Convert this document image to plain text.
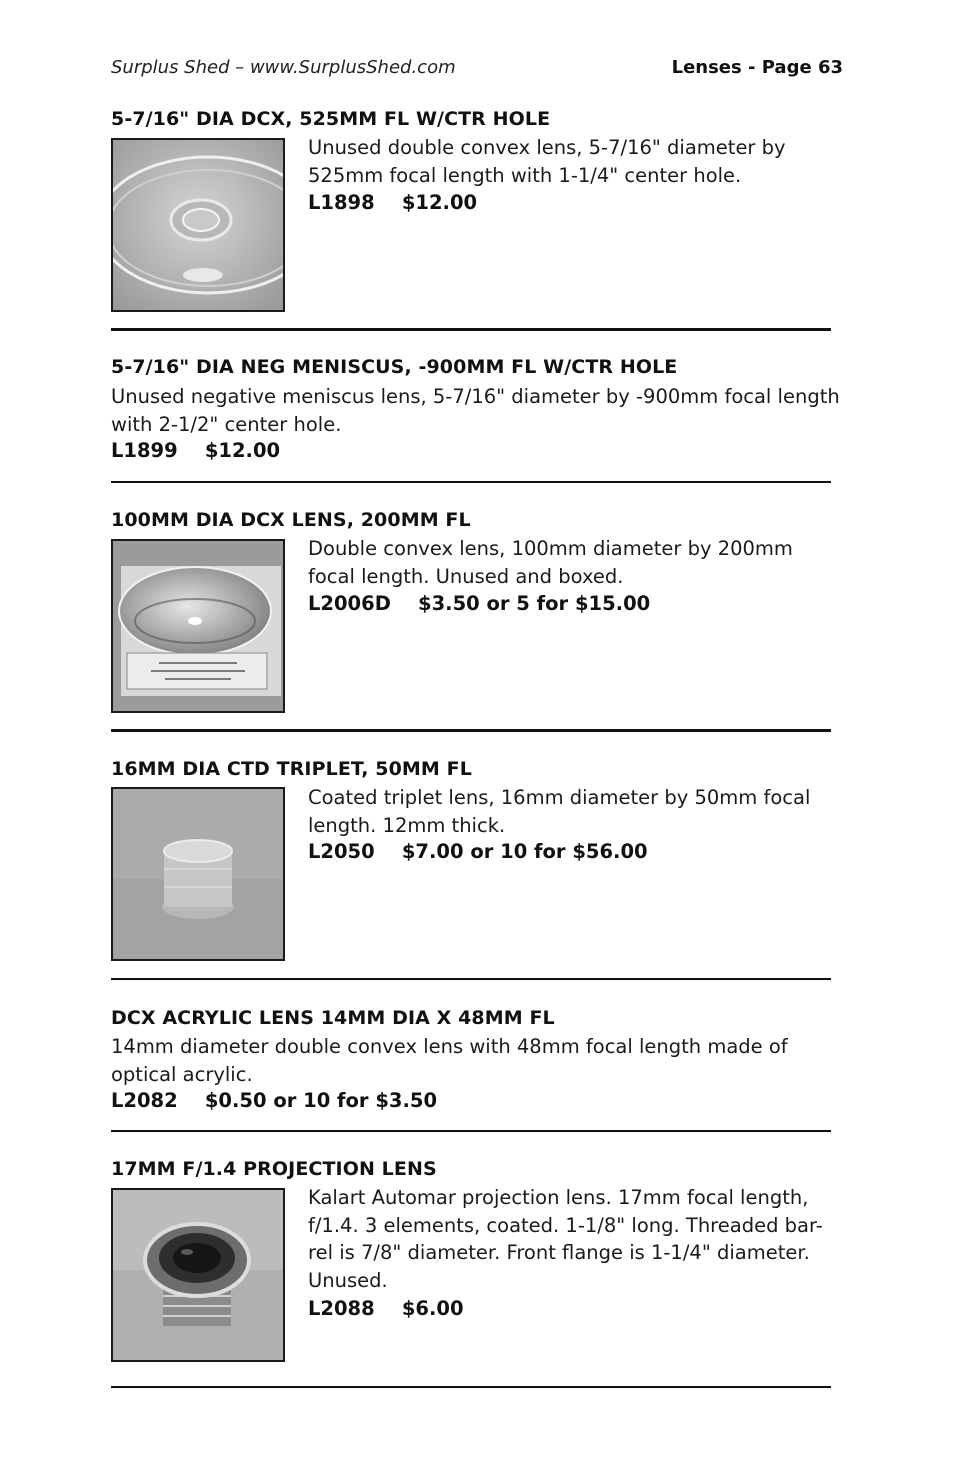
Surplus Shed – www.SurplusShed.com	Lenses - Page 63
5-7/16" DIA DCX, 525MM FL W/CTR HOLE
Unused double convex lens, 5-7/16" diameter by 525mm focal length with 1-1/4" center hole.
L1898    $12.00
5-7/16" DIA NEG MENISCUS, -900MM FL W/CTR HOLE
Unused negative meniscus lens, 5-7/16" diameter by -900mm focal length with 2-1/2" center hole.
L1899    $12.00
100MM DIA DCX LENS, 200MM FL
Double convex lens, 100mm diameter by 200mm focal length. Unused and boxed.
L2006D    $3.50 or 5 for $15.00
16MM DIA CTD TRIPLET, 50MM FL
Coated triplet lens, 16mm diameter by 50mm focal length. 12mm thick.
L2050    $7.00 or 10 for $56.00
DCX ACRYLIC LENS 14MM DIA X 48MM FL
14mm diameter double convex lens with 48mm focal length made of optical acrylic.
L2082    $0.50 or 10 for $3.50
17MM F/1.4 PROJECTION LENS
Kalart Automar projection lens. 17mm focal length, f/1.4. 3 elements, coated. 1-1/8" long. Threaded bar-rel is 7/8" diameter. Front flange is 1-1/4" diameter. Unused.
L2088    $6.00
